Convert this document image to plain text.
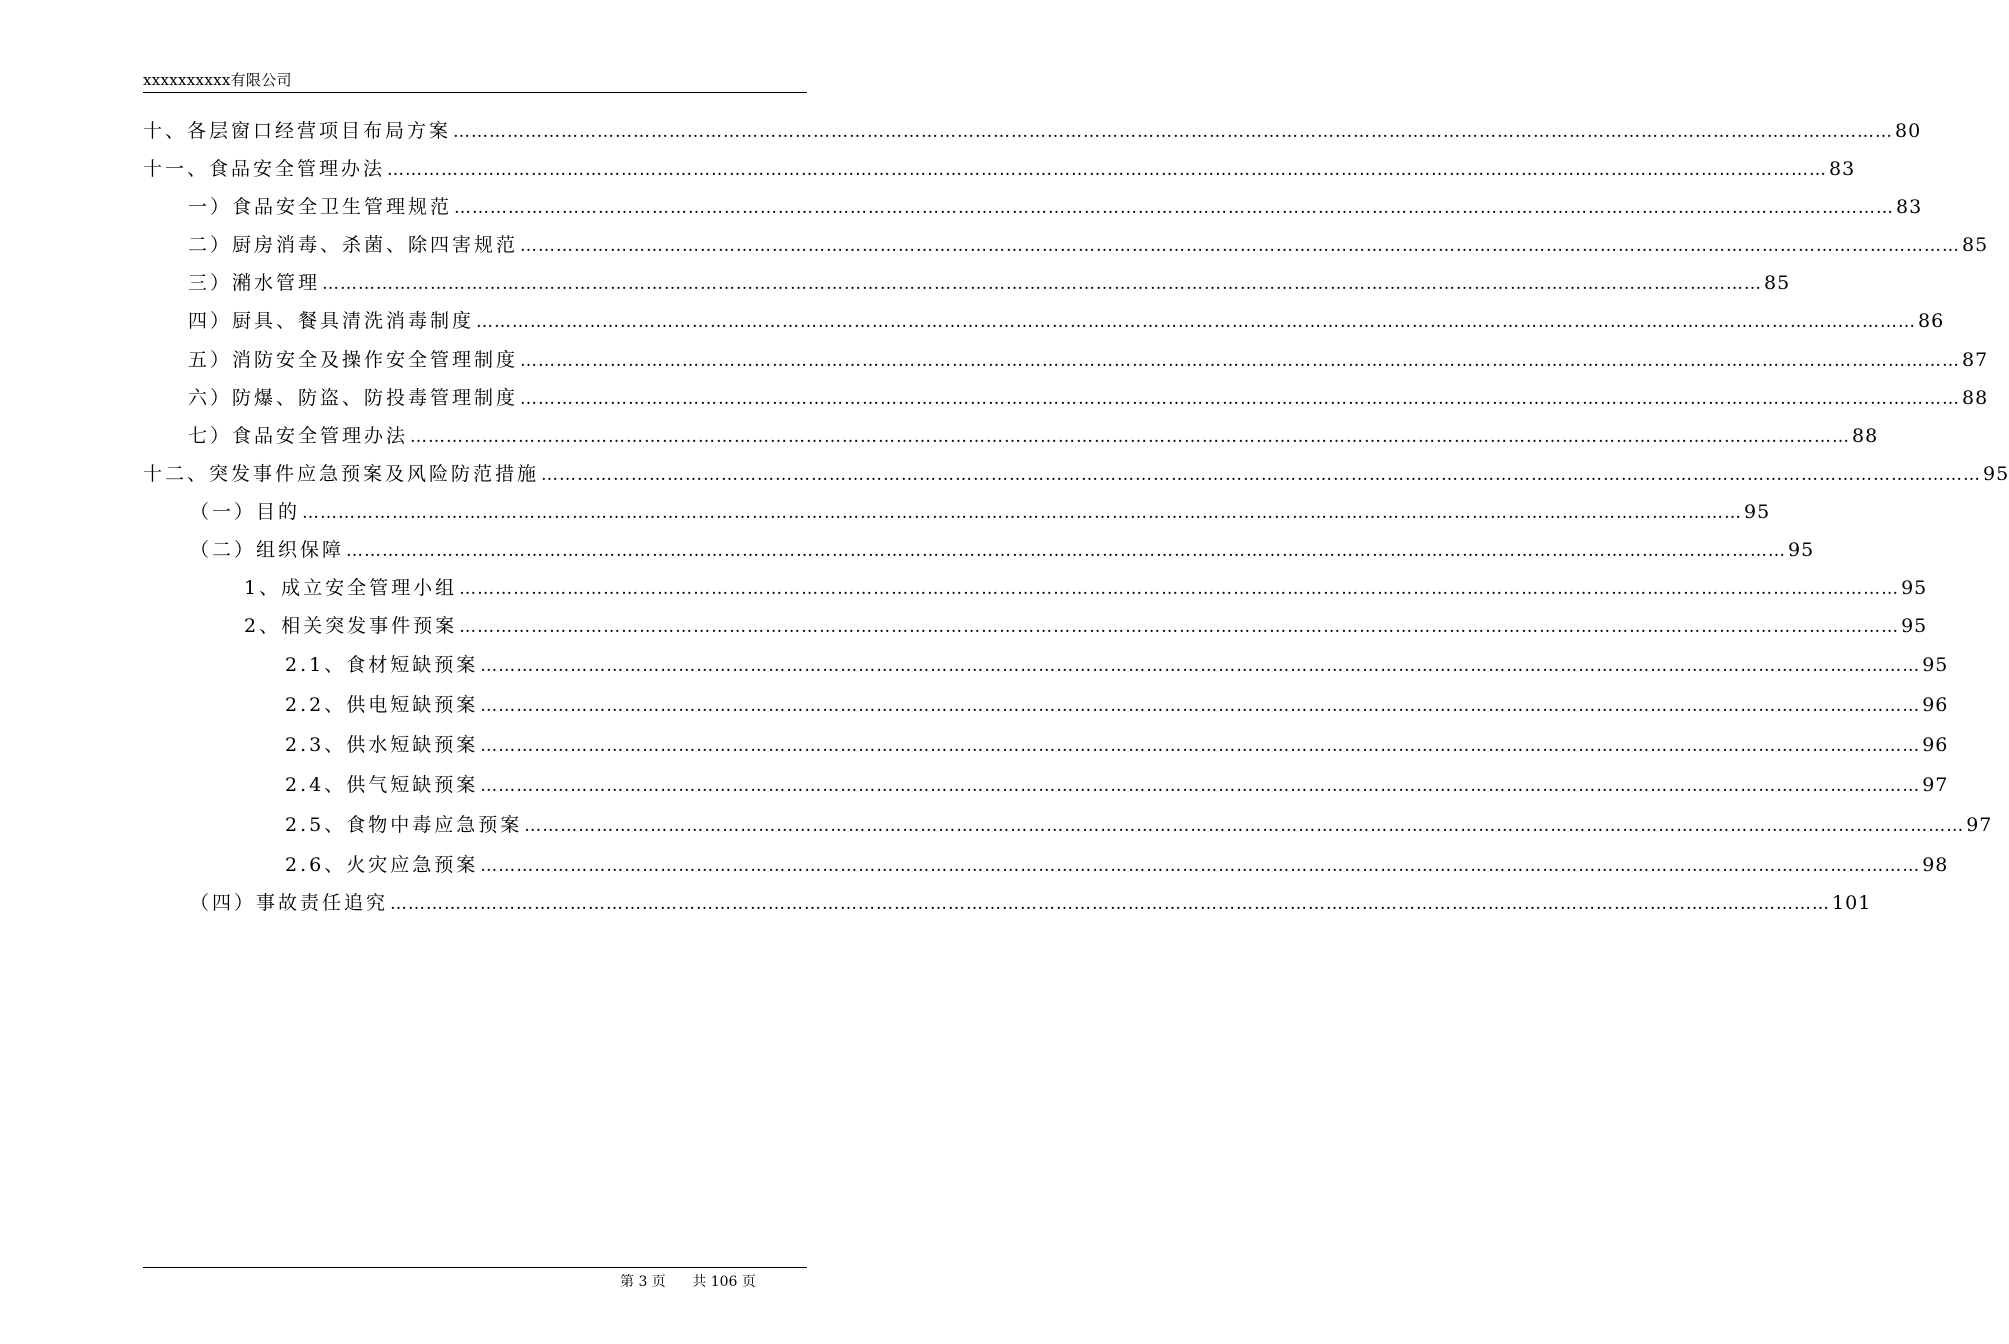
xxxxxxxxxx有限公司
十、各层窗口经营项目布局方案 …………………………………………………………………………………………………………………………………………………………………………………………………………………… 80
十一、食品安全管理办法 …………………………………………………………………………………………………………………………………………………………………………………………………………………… 83
一）食品安全卫生管理规范 …………………………………………………………………………………………………………………………………………………………………………………………………………………… 83
二）厨房消毒、杀菌、除四害规范 …………………………………………………………………………………………………………………………………………………………………………………………………………………… 85
三）潲水管理 …………………………………………………………………………………………………………………………………………………………………………………………………………………… 85
四）厨具、餐具清洗消毒制度 …………………………………………………………………………………………………………………………………………………………………………………………………………………… 86
五）消防安全及操作安全管理制度 …………………………………………………………………………………………………………………………………………………………………………………………………………………… 87
六）防爆、防盗、防投毒管理制度 …………………………………………………………………………………………………………………………………………………………………………………………………………………… 88
七）食品安全管理办法 …………………………………………………………………………………………………………………………………………………………………………………………………………………… 88
十二、突发事件应急预案及风险防范措施 …………………………………………………………………………………………………………………………………………………………………………………………………………………… 95
（一）目的 …………………………………………………………………………………………………………………………………………………………………………………………………………………… 95
（二）组织保障 …………………………………………………………………………………………………………………………………………………………………………………………………………………… 95
1、成立安全管理小组 …………………………………………………………………………………………………………………………………………………………………………………………………………………… 95
2、相关突发事件预案 …………………………………………………………………………………………………………………………………………………………………………………………………………………… 95
2.1、食材短缺预案 …………………………………………………………………………………………………………………………………………………………………………………………………………………… 95
2.2、供电短缺预案 …………………………………………………………………………………………………………………………………………………………………………………………………………………… 96
2.3、供水短缺预案 …………………………………………………………………………………………………………………………………………………………………………………………………………………… 96
2.4、供气短缺预案 …………………………………………………………………………………………………………………………………………………………………………………………………………………… 97
2.5、食物中毒应急预案 …………………………………………………………………………………………………………………………………………………………………………………………………………………… 97
2.6、火灾应急预案 …………………………………………………………………………………………………………………………………………………………………………………………………………………… 98
（四）事故责任追究 …………………………………………………………………………………………………………………………………………………………………………………………………………………… 101
第 3 页 共 106 页
